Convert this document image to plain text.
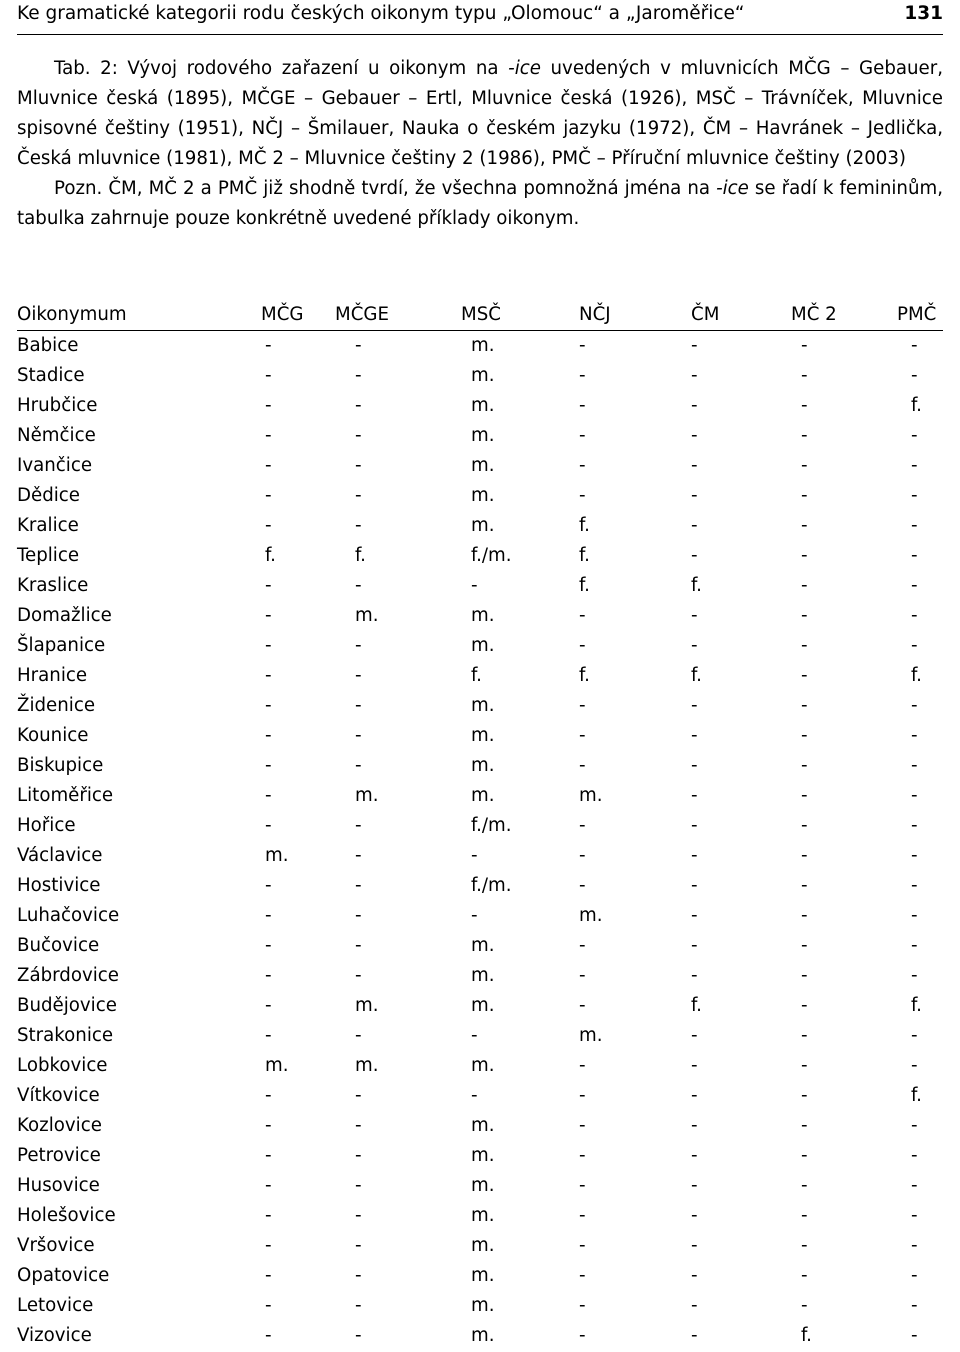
Ke gramatické kategorii rodu českých oikonym typu „Olomouc“ a „Jaroměřice“	131

Tab. 2: Vývoj rodového zařazení u oikonym na -ice uvedených v mluvnicích MČG – Gebauer, Mluvnice česká (1895), MČGE – Gebauer – Ertl, Mluvnice česká (1926), MSČ – Trávníček, Mluvnice spisovné češtiny (1951), NČJ – Šmilauer, Nauka o českém jazyku (1972), ČM – Havránek – Jedlička, Česká mluvnice (1981), MČ 2 – Mluvnice češtiny 2 (1986), PMČ – Příruční mluvnice češtiny (2003)

Pozn. ČM, MČ 2 a PMČ již shodně tvrdí, že všechna pomnožná jména na -ice se řadí k femininům, tabulka zahrnuje pouze konkrétně uvedené příklady oikonym.

Oikonymum	MČG	MČGE	MSČ	NČJ	ČM	MČ 2	PMČ
Babice	-	-	m.	-	-	-	-
Stadice	-	-	m.	-	-	-	-
Hrubčice	-	-	m.	-	-	-	f.
Němčice	-	-	m.	-	-	-	-
Ivančice	-	-	m.	-	-	-	-
Dědice	-	-	m.	-	-	-	-
Kralice	-	-	m.	f.	-	-	-
Teplice	f.	f.	f./m.	f.	-	-	-
Kraslice	-	-	-	f.	f.	-	-
Domažlice	-	m.	m.	-	-	-	-
Šlapanice	-	-	m.	-	-	-	-
Hranice	-	-	f.	f.	f.	-	f.
Židenice	-	-	m.	-	-	-	-
Kounice	-	-	m.	-	-	-	-
Biskupice	-	-	m.	-	-	-	-
Litoměřice	-	m.	m.	m.	-	-	-
Hořice	-	-	f./m.	-	-	-	-
Václavice	m.	-	-	-	-	-	-
Hostivice	-	-	f./m.	-	-	-	-
Luhačovice	-	-	-	m.	-	-	-
Bučovice	-	-	m.	-	-	-	-
Zábrdovice	-	-	m.	-	-	-	-
Budějovice	-	m.	m.	-	f.	-	f.
Strakonice	-	-	-	m.	-	-	-
Lobkovice	m.	m.	m.	-	-	-	-
Vítkovice	-	-	-	-	-	-	f.
Kozlovice	-	-	m.	-	-	-	-
Petrovice	-	-	m.	-	-	-	-
Husovice	-	-	m.	-	-	-	-
Holešovice	-	-	m.	-	-	-	-
Vršovice	-	-	m.	-	-	-	-
Opatovice	-	-	m.	-	-	-	-
Letovice	-	-	m.	-	-	-	-
Vizovice	-	-	m.	-	-	f.	-
